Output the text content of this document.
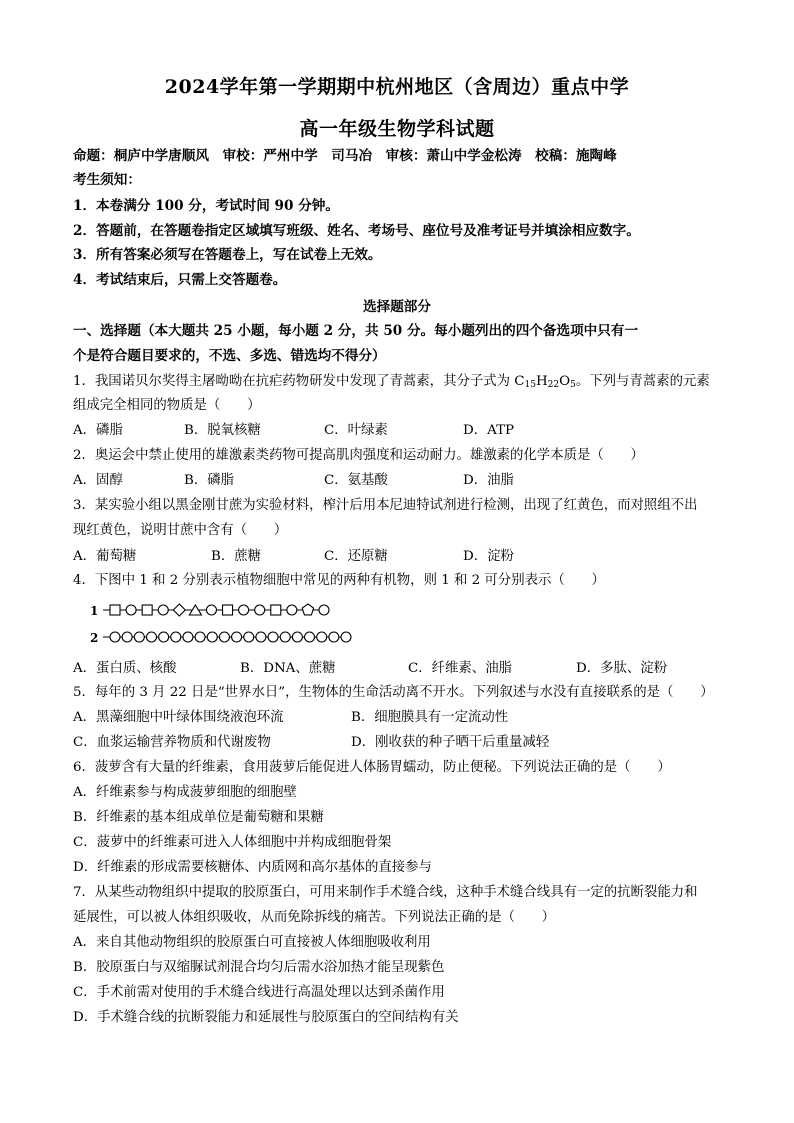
2024学年第一学期期中杭州地区（含周边）重点中学
高一年级生物学科试题
命题：桐庐中学唐顺风　审校：严州中学　司马冶　审核：萧山中学金松涛　校稿：施陶峰
考生须知：
1．本卷满分 100 分，考试时间 90 分钟。
2．答题前，在答题卷指定区域填写班级、姓名、考场号、座位号及准考证号并填涂相应数字。
3．所有答案必须写在答题卷上，写在试卷上无效。
4．考试结束后，只需上交答题卷。
选择题部分
一、选择题（本大题共 25 小题，每小题 2 分，共 50 分。每小题列出的四个备选项中只有一
个是符合题目要求的，不选、多选、错选均不得分）
1．我国诺贝尔奖得主屠呦呦在抗疟药物研发中发现了青蒿素，其分子式为 $C_{15}H_{22}O_5$。下列与青蒿素的元素
组成完全相同的物质是（　　）
A．磷脂	B．脱氧核糖	C．叶绿素	D．ATP
2．奥运会中禁止使用的雄激素类药物可提高肌肉强度和运动耐力。雄激素的化学本质是（　　）
A．固醇	B．磷脂	C．氨基酸	D．油脂
3．某实验小组以黑金刚甘蔗为实验材料，榨汁后用本尼迪特试剂进行检测，出现了红黄色，而对照组不出
现红黄色，说明甘蔗中含有（　　）
A．葡萄糖	B．蔗糖	C．还原糖	D．淀粉
4．下图中 1 和 2 分别表示植物细胞中常见的两种有机物，则 1 和 2 可分别表示（　　）
1
2
A．蛋白质、核酸	B．DNA、蔗糖	C．纤维素、油脂	D．多肽、淀粉
5．每年的 3 月 22 日是“世界水日”，生物体的生命活动离不开水。下列叙述与水没有直接联系的是（　　）
A．黑藻细胞中叶绿体围绕液泡环流	B．细胞膜具有一定流动性
C．血浆运输营养物质和代谢废物	D．刚收获的种子晒干后重量减轻
6．菠萝含有大量的纤维素，食用菠萝后能促进人体肠胃蠕动，防止便秘。下列说法正确的是（　　）
A．纤维素参与构成菠萝细胞的细胞壁
B．纤维素的基本组成单位是葡萄糖和果糖
C．菠萝中的纤维素可进入人体细胞中并构成细胞骨架
D．纤维素的形成需要核糖体、内质网和高尔基体的直接参与
7．从某些动物组织中提取的胶原蛋白，可用来制作手术缝合线，这种手术缝合线具有一定的抗断裂能力和
延展性，可以被人体组织吸收，从而免除拆线的痛苦。下列说法正确的是（　　）
A．来自其他动物组织的胶原蛋白可直接被人体细胞吸收利用
B．胶原蛋白与双缩脲试剂混合均匀后需水浴加热才能呈现紫色
C．手术前需对使用的手术缝合线进行高温处理以达到杀菌作用
D．手术缝合线的抗断裂能力和延展性与胶原蛋白的空间结构有关
